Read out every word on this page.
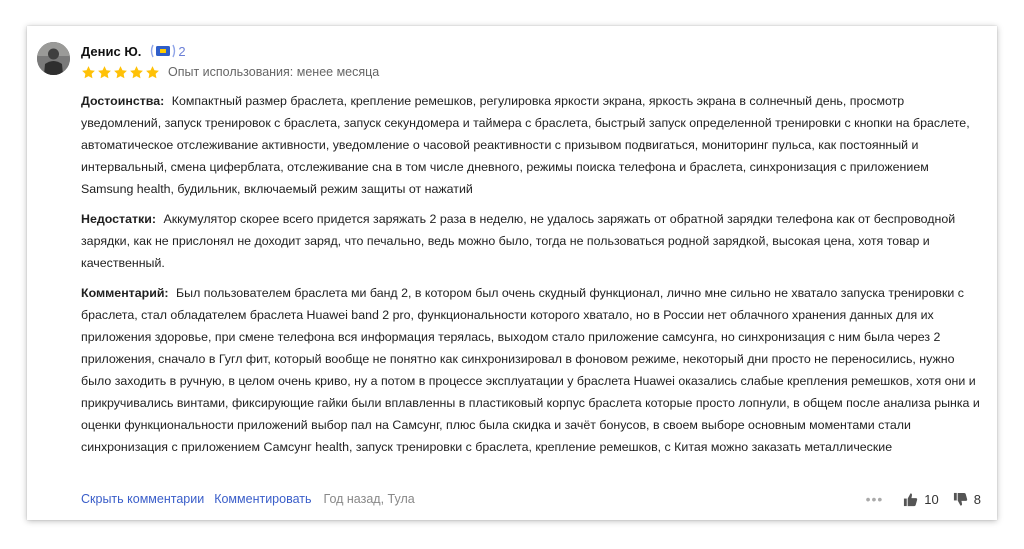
Денис Ю.	2
Опыт использования: менее месяца

Достоинства: Компактный размер браслета, крепление ремешков, регулировка яркости экрана, яркость экрана в солнечный день, просмотр уведомлений, запуск тренировок с браслета, запуск секундомера и таймера с браслета, быстрый запуск определенной тренировки с кнопки на браслете, автоматическое отслеживание активности, уведомление о часовой реактивности с призывом подвигаться, мониторинг пульса, как постоянный и интервальный, смена циферблата, отслеживание сна в том числе дневного, режимы поиска телефона и браслета, синхронизация с приложением Samsung health, будильник, включаемый режим защиты от нажатий

Недостатки: Аккумулятор скорее всего придется заряжать 2 раза в неделю, не удалось заряжать от обратной зарядки телефона как от беспроводной зарядки, как не прислонял не доходит заряд, что печально, ведь можно было, тогда не пользоваться родной зарядкой, высокая цена, хотя товар и качественный.

Комментарий: Был пользователем браслета ми банд 2, в котором был очень скудный функционал, лично мне сильно не хватало запуска тренировки с браслета, стал обладателем браслета Huawei band 2 pro, функциональности которого хватало, но в России нет облачного хранения данных для их приложения здоровье, при смене телефона вся информация терялась, выходом стало приложение самсунга, но синхронизация с ним была через 2 приложения, сначало в Гугл фит, который вообще не понятно как синхронизировал в фоновом режиме, некоторый дни просто не переносились, нужно было заходить в ручную, в целом очень криво, ну а потом в процессе эксплуатации у браслета Huawei оказались слабые крепления ремешков, хотя они и прикручивались винтами, фиксирующие гайки были вплавленны в пластиковый корпус браслета которые просто лопнули, в общем после анализа рынка и оценки функциональности приложений выбор пал на Самсунг, плюс была скидка и зачёт бонусов, в своем выборе основным моментами стали синхронизация с приложением Самсунг health, запуск тренировки с браслета, крепление ремешков, с Китая можно заказать металлические

Скрыть комментарии Комментировать Год назад, Тула	•••	10	8
